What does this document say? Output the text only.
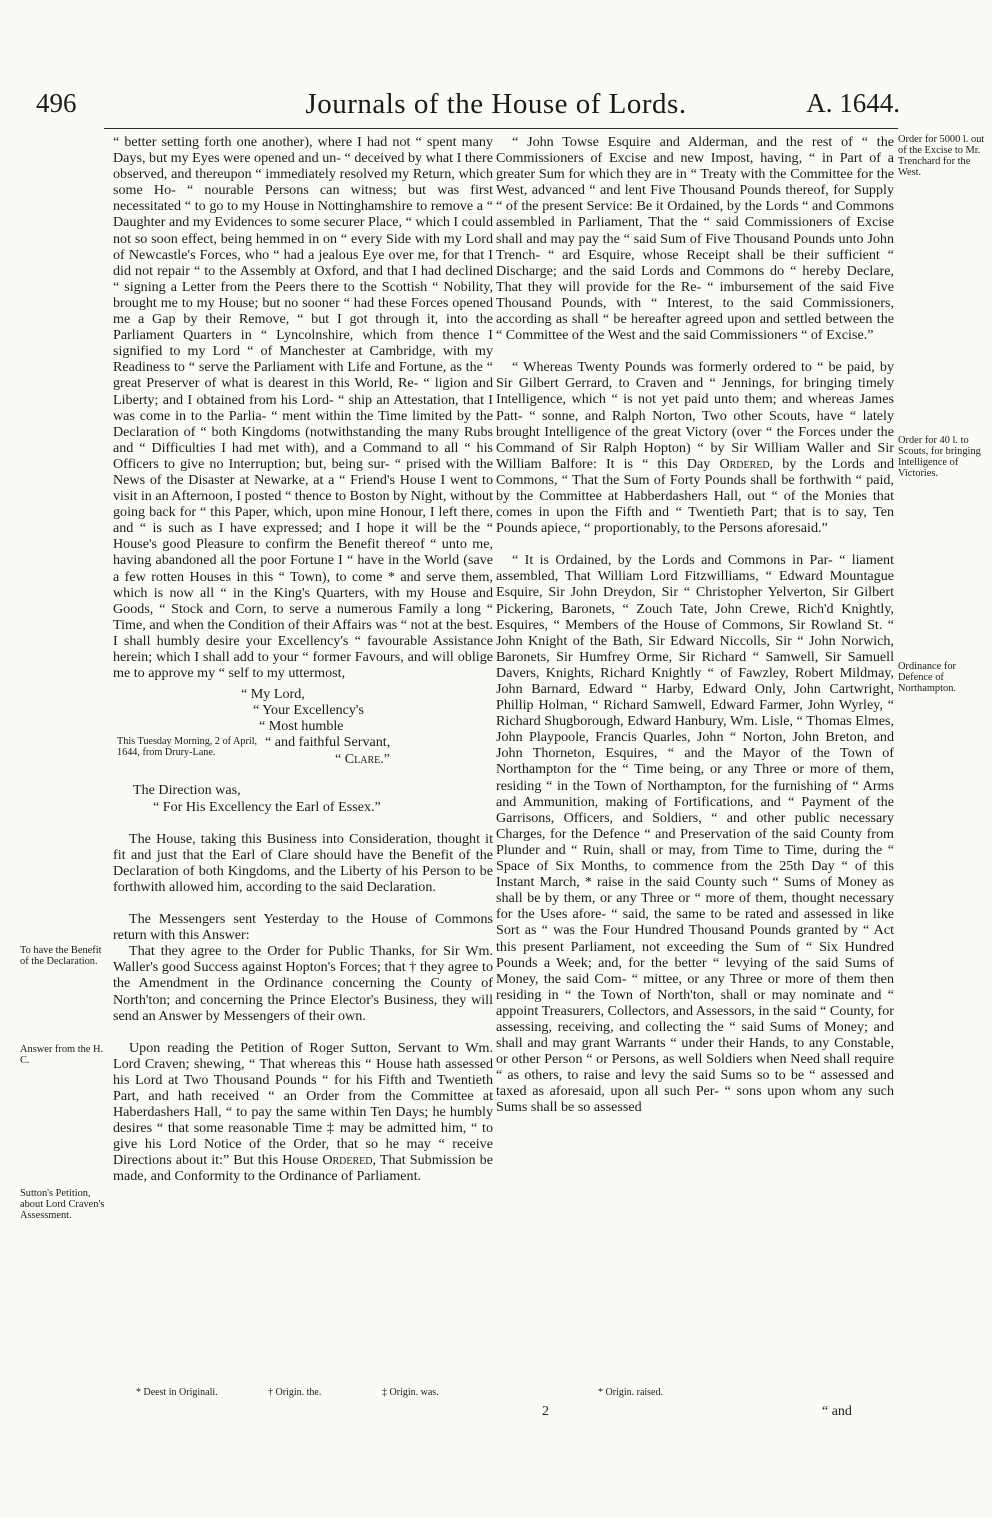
496	Journals of the House of Lords.	A. 1644.

“ better setting forth one another), where I had not “ spent many Days, but my Eyes were opened and un- “ deceived by what I there observed, and thereupon “ immediately resolved my Return, which some Ho- “ nourable Persons can witness; but was first necessitated “ to go to my House in Nottinghamshire to remove a “ Daughter and my Evidences to some securer Place, “ which I could not so soon effect, being hemmed in on “ every Side with my Lord of Newcastle's Forces, who “ had a jealous Eye over me, for that I did not repair “ to the Assembly at Oxford, and that I had declined “ signing a Letter from the Peers there to the Scottish “ Nobility, brought me to my House; but no sooner “ had these Forces opened me a Gap by their Remove, “ but I got through it, into the Parliament Quarters in “ Lyncolnshire, which from thence I signified to my Lord “ of Manchester at Cambridge, with my Readiness to “ serve the Parliament with Life and Fortune, as the “ great Preserver of what is dearest in this World, Re- “ ligion and Liberty; and I obtained from his Lord- “ ship an Attestation, that I was come in to the Parlia- “ ment within the Time limited by the Declaration of “ both Kingdoms (notwithstanding the many Rubs and “ Difficulties I had met with), and a Command to all “ his Officers to give no Interruption; but, being sur- “ prised with the News of the Disaster at Newarke, at a “ Friend's House I went to visit in an Afternoon, I posted “ thence to Boston by Night, without going back for “ this Paper, which, upon mine Honour, I left there, and “ is such as I have expressed; and I hope it will be the “ House's good Pleasure to confirm the Benefit thereof “ unto me, having abandoned all the poor Fortune I “ have in the World (save a few rotten Houses in this “ Town), to come * and serve them, which is now all “ in the King's Quarters, with my House and Goods, “ Stock and Corn, to serve a numerous Family a long “ Time, and when the Condition of their Affairs was “ not at the best. I shall humbly desire your Excellency's “ favourable Assistance herein; which I shall add to your “ former Favours, and will oblige me to approve my “ self to my uttermost,

“ My Lord,

“ Your Excellency's

“ Most humble

This Tuesday Morning, 2 of April, 1644, from Drury-Lane.
“ and faithful Servant,
“ Clare.”

The Direction was,

“ For His Excellency the Earl of Essex.”

The House, taking this Business into Consideration, thought it fit and just that the Earl of Clare should have the Benefit of the Declaration of both Kingdoms, and the Liberty of his Person to be forthwith allowed him, according to the said Declaration.

The Messengers sent Yesterday to the House of Commons return with this Answer:

That they agree to the Order for Public Thanks, for Sir Wm. Waller's good Success against Hopton's Forces; that † they agree to the Amendment in the Ordinance concerning the County of North'ton; and concerning the Prince Elector's Business, they will send an Answer by Messengers of their own.

Upon reading the Petition of Roger Sutton, Servant to Wm. Lord Craven; shewing, “ That whereas this “ House hath assessed his Lord at Two Thousand Pounds “ for his Fifth and Twentieth Part, and hath received “ an Order from the Committee at Haberdashers Hall, “ to pay the same within Ten Days; he humbly desires “ that some reasonable Time ‡ may be admitted him, “ to give his Lord Notice of the Order, that so he may “ receive Directions about it:” But this House Ordered, That Submission be made, and Conformity to the Ordinance of Parliament.

“ John Towse Esquire and Alderman, and the rest of “ the Commissioners of Excise and new Impost, having, “ in Part of a greater Sum for which they are in “ Treaty with the Committee for the West, advanced “ and lent Five Thousand Pounds thereof, for Supply “ of the present Service: Be it Ordained, by the Lords “ and Commons assembled in Parliament, That the “ said Commissioners of Excise shall and may pay the “ said Sum of Five Thousand Pounds unto John Trench- “ ard Esquire, whose Receipt shall be their sufficient “ Discharge; and the said Lords and Commons do “ hereby Declare, That they will provide for the Re- “ imbursement of the said Five Thousand Pounds, with “ Interest, to the said Commissioners, according as shall “ be hereafter agreed upon and settled between the “ Committee of the West and the said Commissioners “ of Excise.”

“ Whereas Twenty Pounds was formerly ordered to “ be paid, by Sir Gilbert Gerrard, to Craven and “ Jennings, for bringing timely Intelligence, which “ is not yet paid unto them; and whereas James Patt- “ sonne, and Ralph Norton, Two other Scouts, have “ lately brought Intelligence of the great Victory (over “ the Forces under the Command of Sir Ralph Hopton) “ by Sir William Waller and Sir William Balfore: It is “ this Day Ordered, by the Lords and Commons, “ That the Sum of Forty Pounds shall be forthwith “ paid, by the Committee at Habberdashers Hall, out “ of the Monies that comes in upon the Fifth and “ Twentieth Part; that is to say, Ten Pounds apiece, “ proportionably, to the Persons aforesaid.”

“ It is Ordained, by the Lords and Commons in Par- “ liament assembled, That William Lord Fitzwilliams, “ Edward Mountague Esquire, Sir John Dreydon, Sir “ Christopher Yelverton, Sir Gilbert Pickering, Baronets, “ Zouch Tate, John Crewe, Rich'd Knightly, Esquires, “ Members of the House of Commons, Sir Rowland St. “ John Knight of the Bath, Sir Edward Niccolls, Sir “ John Norwich, Baronets, Sir Humfrey Orme, Sir Richard “ Samwell, Sir Samuell Davers, Knights, Richard Knightly “ of Fawzley, Robert Mildmay, John Barnard, Edward “ Harby, Edward Only, John Cartwright, Phillip Holman, “ Richard Samwell, Edward Farmer, John Wyrley, “ Richard Shugborough, Edward Hanbury, Wm. Lisle, “ Thomas Elmes, John Playpoole, Francis Quarles, John “ Norton, John Breton, and John Thorneton, Esquires, “ and the Mayor of the Town of Northampton for the “ Time being, or any Three or more of them, residing “ in the Town of Northampton, for the furnishing of “ Arms and Ammunition, making of Fortifications, and “ Payment of the Garrisons, Officers, and Soldiers, “ and other public necessary Charges, for the Defence “ and Preservation of the said County from Plunder and “ Ruin, shall or may, from Time to Time, during the “ Space of Six Months, to commence from the 25th Day “ of this Instant March, * raise in the said County such “ Sums of Money as shall be by them, or any Three or “ more of them, thought necessary for the Uses afore- “ said, the same to be rated and assessed in like Sort as “ was the Four Hundred Thousand Pounds granted by “ Act this present Parliament, not exceeding the Sum of “ Six Hundred Pounds a Week; and, for the better “ levying of the said Sums of Money, the said Com- “ mittee, or any Three or more of them then residing in “ the Town of North'ton, shall or may nominate and “ appoint Treasurers, Collectors, and Assessors, in the said “ County, for assessing, receiving, and collecting the “ said Sums of Money; and shall and may grant Warrants “ under their Hands, to any Constable, or other Person “ or Persons, as well Soldiers when Need shall require “ as others, to raise and levy the said Sums so to be “ assessed and taxed as aforesaid, upon all such Per- “ sons upon whom any such Sums shall be so assessed

To have the Benefit of the Declaration.
Answer from the H. C.
Sutton's Petition, about Lord Craven's Assessment.
Order for 5000 l. out of the Excise to Mr. Trenchard for the West.
Order for 40 l. to Scouts, for bringing Intelligence of Victories.
Ordinance for Defence of Northampton.
* Deest in Originali.	† Origin. the.	‡ Origin. was.	* Origin. raised.
2	“ and
